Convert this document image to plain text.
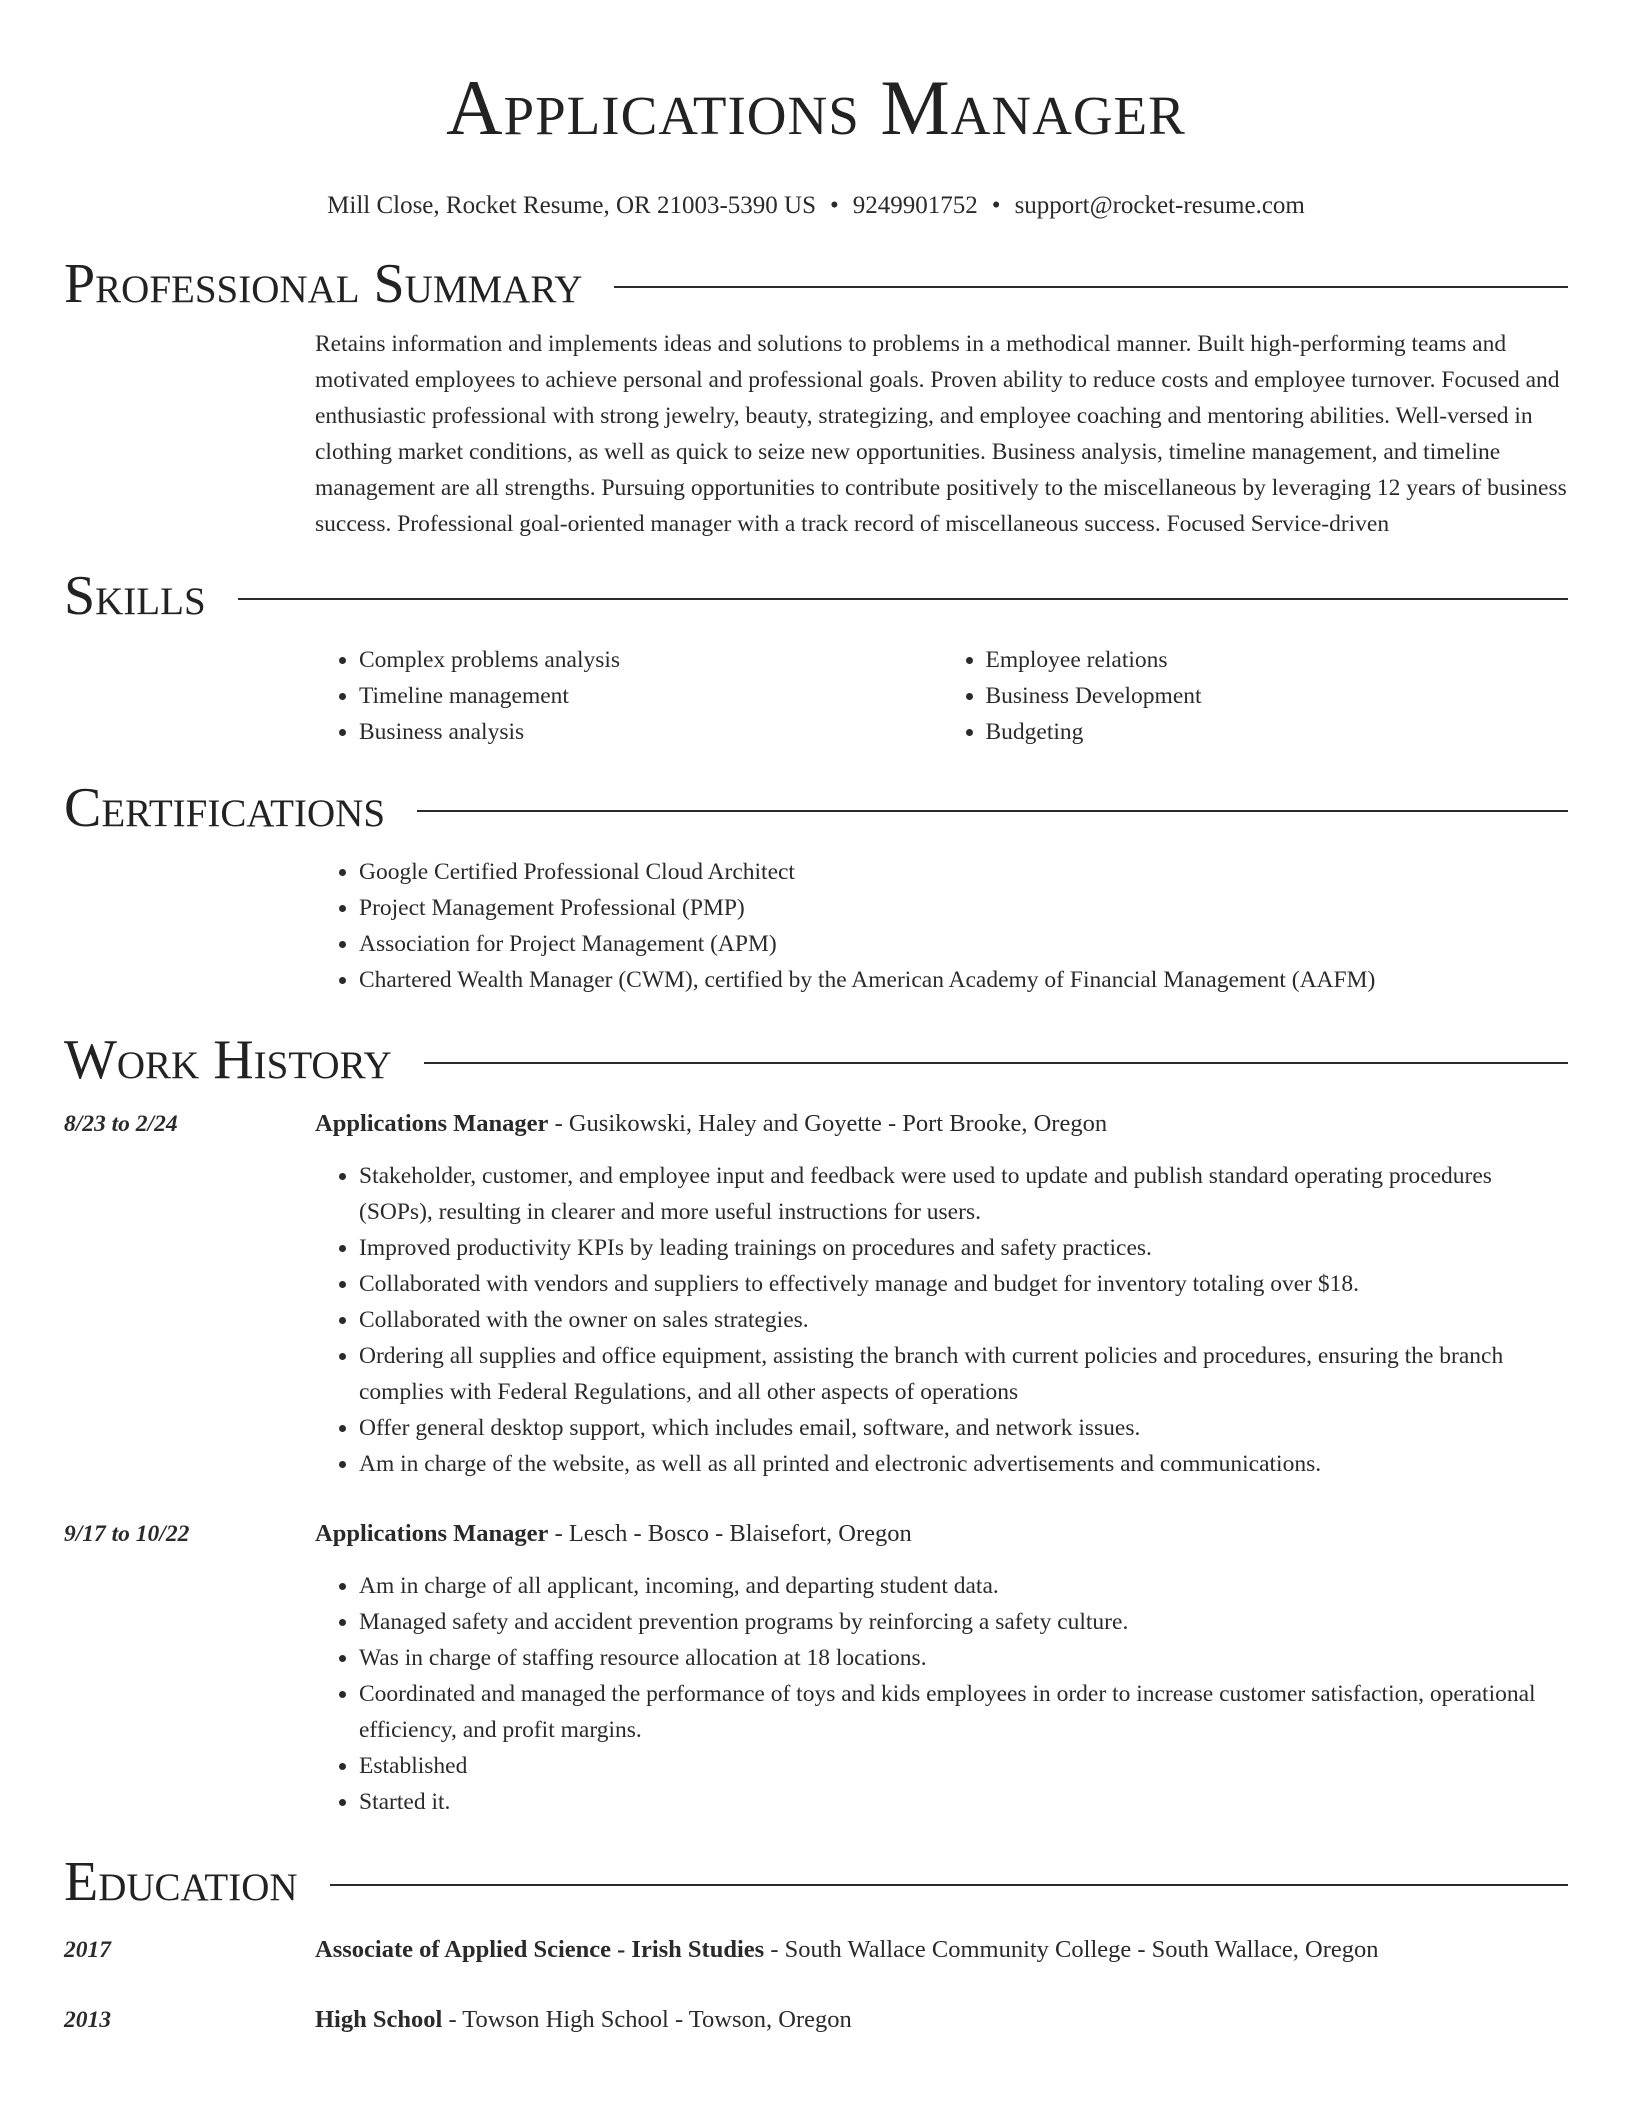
Applications Manager
Mill Close, Rocket Resume, OR 21003-5390 US • 9249901752 • support@rocket-resume.com
Professional Summary

Retains information and implements ideas and solutions to problems in a methodical manner. Built high-performing teams and motivated employees to achieve personal and professional goals. Proven ability to reduce costs and employee turnover. Focused and enthusiastic professional with strong jewelry, beauty, strategizing, and employee coaching and mentoring abilities. Well-versed in clothing market conditions, as well as quick to seize new opportunities. Business analysis, timeline management, and timeline management are all strengths. Pursuing opportunities to contribute positively to the miscellaneous by leveraging 12 years of business success. Professional goal-oriented manager with a track record of miscellaneous success. Focused Service-driven

Skills
• Complex problems analysis
• Timeline management
• Business analysis
• Employee relations
• Business Development
• Budgeting
Certifications
• Google Certified Professional Cloud Architect
• Project Management Professional (PMP)
• Association for Project Management (APM)
• Chartered Wealth Manager (CWM), certified by the American Academy of Financial Management (AAFM)
Work History
8/23 to 2/24	Applications Manager - Gusikowski, Haley and Goyette - Port Brooke, Oregon
• Stakeholder, customer, and employee input and feedback were used to update and publish standard operating procedures (SOPs), resulting in clearer and more useful instructions for users.
• Improved productivity KPIs by leading trainings on procedures and safety practices.
• Collaborated with vendors and suppliers to effectively manage and budget for inventory totaling over $18.
• Collaborated with the owner on sales strategies.
• Ordering all supplies and office equipment, assisting the branch with current policies and procedures, ensuring the branch complies with Federal Regulations, and all other aspects of operations
• Offer general desktop support, which includes email, software, and network issues.
• Am in charge of the website, as well as all printed and electronic advertisements and communications.
9/17 to 10/22	Applications Manager - Lesch - Bosco - Blaisefort, Oregon
• Am in charge of all applicant, incoming, and departing student data.
• Managed safety and accident prevention programs by reinforcing a safety culture.
• Was in charge of staffing resource allocation at 18 locations.
• Coordinated and managed the performance of toys and kids employees in order to increase customer satisfaction, operational efficiency, and profit margins.
• Established
• Started it.
Education
2017	Associate of Applied Science - Irish Studies - South Wallace Community College - South Wallace, Oregon
2013	High School - Towson High School - Towson, Oregon
